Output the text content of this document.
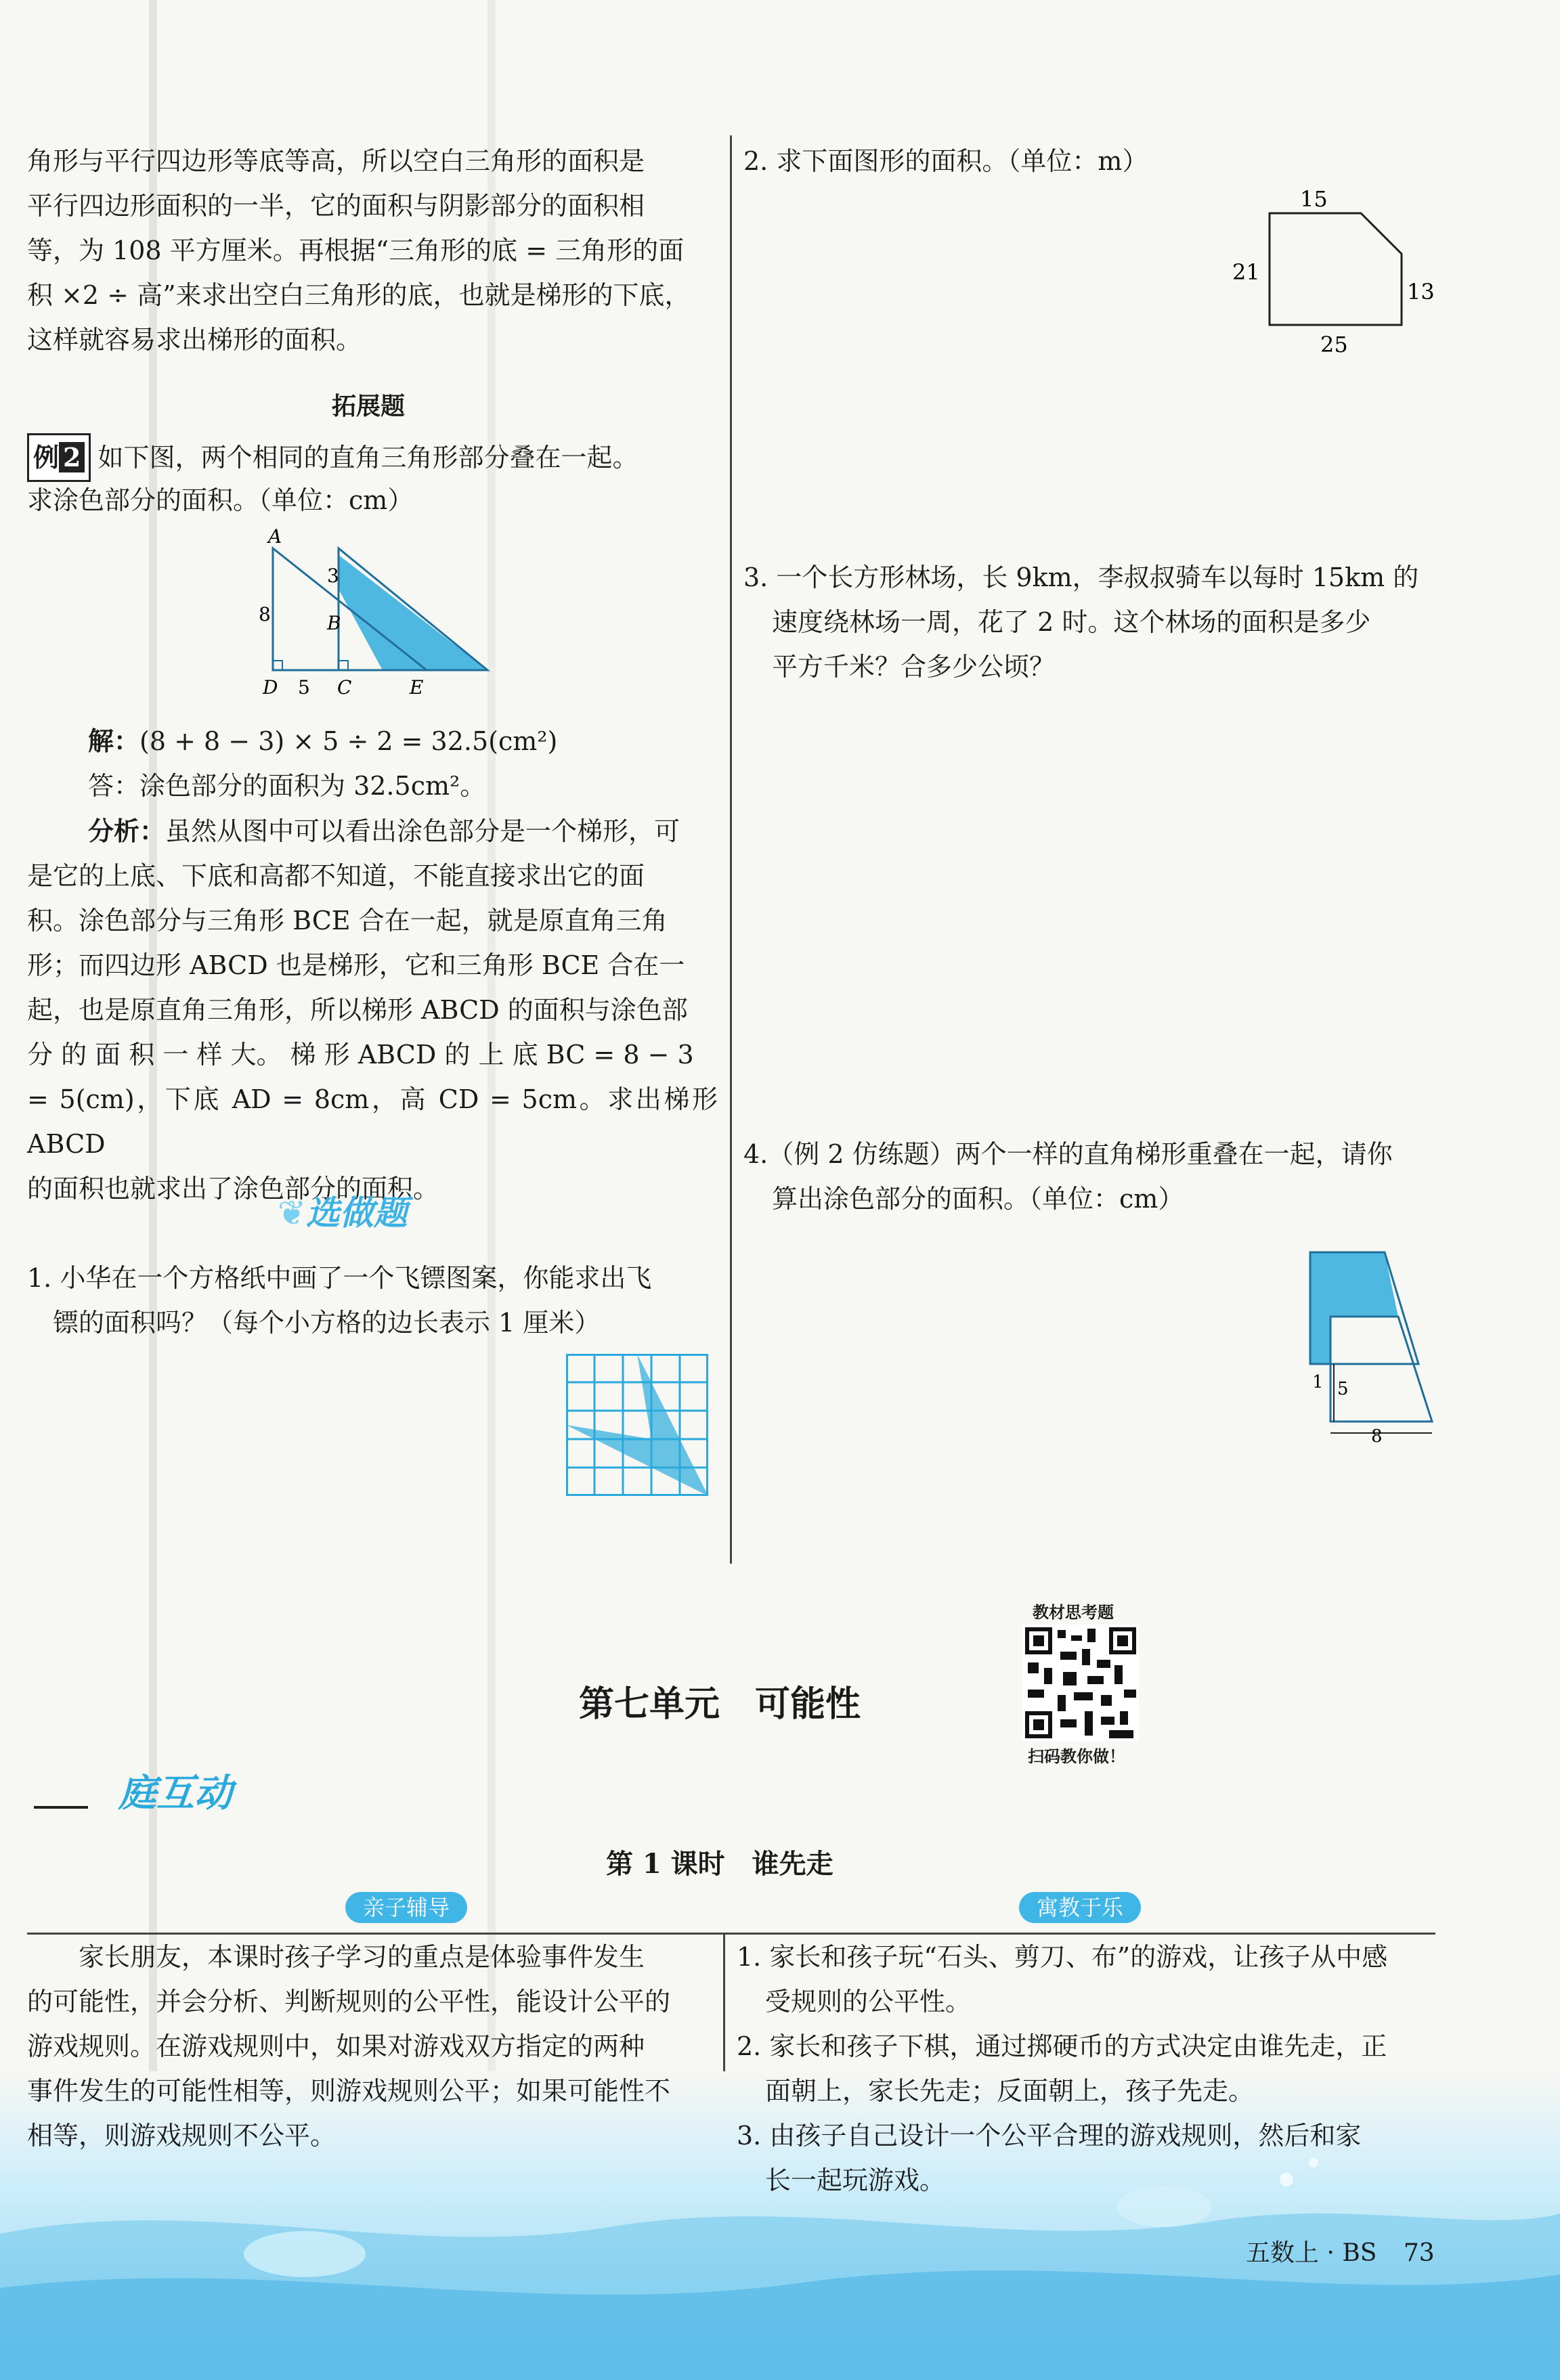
角形与平行四边形等底等高，所以空白三角形的面积是
平行四边形面积的一半，它的面积与阴影部分的面积相
等，为 108 平方厘米。再根据“三角形的底 = 三角形的面
积 ×2 ÷ 高”来求出空白三角形的底，也就是梯形的下底，
这样就容易求出梯形的面积。
拓展题
例 2 如下图，两个相同的直角三角形部分叠在一起。
求涂色部分的面积。（单位：cm）
A
3
8	B
D 5 C	E
解：(8 + 8 − 3) × 5 ÷ 2 = 32.5(cm²)
答：涂色部分的面积为 32.5cm²。
分析：虽然从图中可以看出涂色部分是一个梯形，可
是它的上底、下底和高都不知道，不能直接求出它的面
积。涂色部分与三角形 BCE 合在一起，就是原直角三角
形；而四边形 ABCD 也是梯形，它和三角形 BCE 合在一
起，也是原直角三角形，所以梯形 ABCD 的面积与涂色部
分 的 面 积 一 样 大。 梯 形 ABCD 的 上 底 BC = 8 − 3
= 5(cm)，下底 AD = 8cm，高 CD = 5cm。求出梯形 ABCD
的面积也就求出了涂色部分的面积。
❦选做题
1. 小华在一个方格纸中画了一个飞镖图案，你能求出飞
镖的面积吗？（每个小方格的边长表示 1 厘米）
2. 求下面图形的面积。（单位：m）
15
21
13
25
3. 一个长方形林场，长 9km，李叔叔骑车以每时 15km 的
速度绕林场一周，花了 2 时。这个林场的面积是多少
平方千米？合多少公顷？
4.（例 2 仿练题）两个一样的直角梯形重叠在一起，请你
算出涂色部分的面积。（单位：cm）
1 5
8
教材思考题
扫码教你做！
第七单元　可能性
庭互动
第 1 课时　谁先走
亲子辅导	寓教于乐
家长朋友，本课时孩子学习的重点是体验事件发生
的可能性，并会分析、判断规则的公平性，能设计公平的
游戏规则。在游戏规则中，如果对游戏双方指定的两种
事件发生的可能性相等，则游戏规则公平；如果可能性不
相等，则游戏规则不公平。
1. 家长和孩子玩“石头、剪刀、布”的游戏，让孩子从中感
受规则的公平性。
2. 家长和孩子下棋，通过掷硬币的方式决定由谁先走，正
面朝上，家长先走；反面朝上，孩子先走。
3. 由孩子自己设计一个公平合理的游戏规则，然后和家
长一起玩游戏。
五数上 · BS 73
